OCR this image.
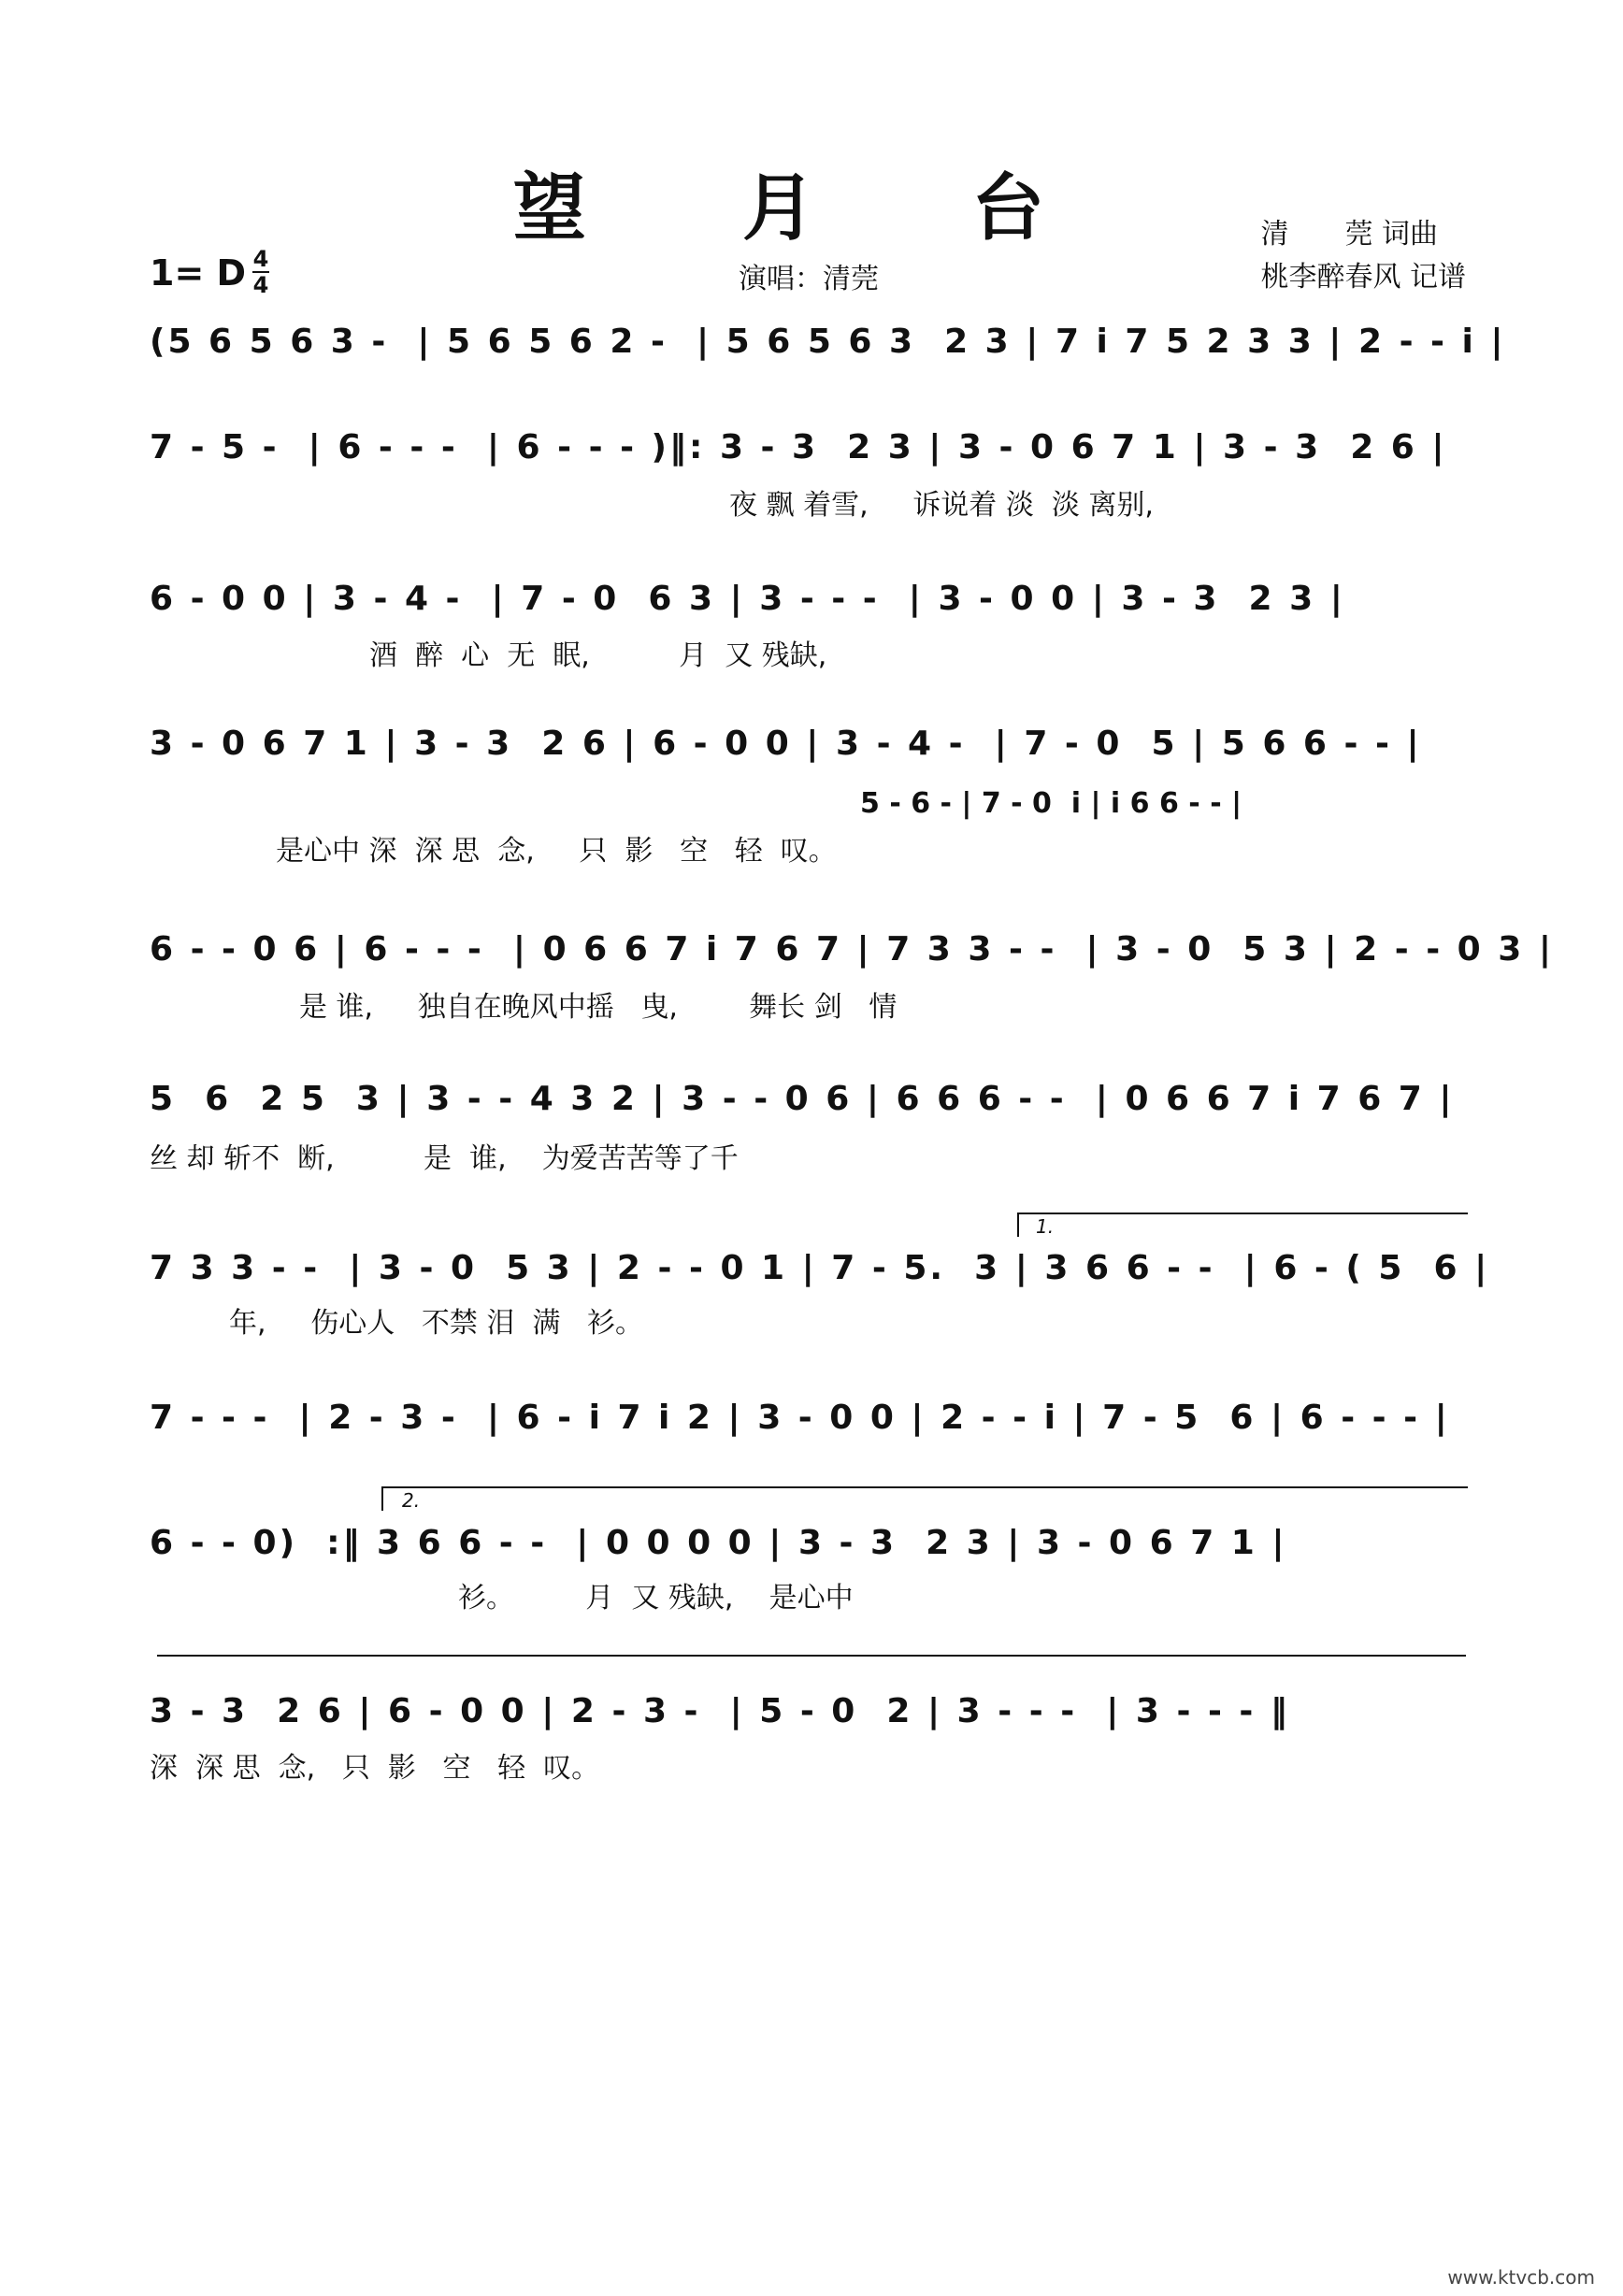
望 月 台
1= D 4
4	演唱：清莞
清　　莞 词曲
桃李醉春风 记谱
(5 6 5 6 3 -  | 5 6 5 6 2 -  | 5 6 5 6 3  2 3 | 7 i 7 5 2 3 3 | 2 - - i |
7 - 5 -  | 6 - - -  | 6 - - - )‖: 3 - 3  2 3 | 3 - 0 6 7 1 | 3 - 3  2 6 |
夜 飘 着雪,     诉说着 淡  淡 离别,
6 - 0 0 | 3 - 4 -  | 7 - 0  6 3 | 3 - - -  | 3 - 0 0 | 3 - 3  2 3 |
酒  醉  心  无  眠,          月  又 残缺,
3 - 0 6 7 1 | 3 - 3  2 6 | 6 - 0 0 | 3 - 4 -  | 7 - 0  5 | 5 6 6 - - |
5 - 6 - | 7 - 0  i | i 6 6 - - |
是心中 深  深 思  念,     只  影   空   轻  叹。
6 - - 0 6 | 6 - - -  | 0 6 6 7 i 7 6 7 | 7 3 3 - -  | 3 - 0  5 3 | 2 - - 0 3 |
是 谁,     独自在晚风中摇   曳,        舞长 剑   情
5  6  2 5  3 | 3 - - 4 3 2 | 3 - - 0 6 | 6 6 6 - -  | 0 6 6 7 i 7 6 7 |
丝 却 斩不  断,          是  谁,    为爱苦苦等了千
1.
7 3 3 - -  | 3 - 0  5 3 | 2 - - 0 1 | 7 - 5.  3 | 3 6 6 - -  | 6 - ( 5  6 |
年,     伤心人   不禁 泪  满   衫。
7 - - -  | 2 - 3 -  | 6 - i 7 i 2 | 3 - 0 0 | 2 - - i | 7 - 5  6 | 6 - - - |
2.
6 - - 0)  :‖ 3 6 6 - -  | 0 0 0 0 | 3 - 3  2 3 | 3 - 0 6 7 1 |
衫。        月  又 残缺,    是心中
3 - 3  2 6 | 6 - 0 0 | 2 - 3 -  | 5 - 0  2 | 3 - - -  | 3 - - - ‖
深  深 思  念,   只  影   空   轻  叹。
www.ktvcb.com
